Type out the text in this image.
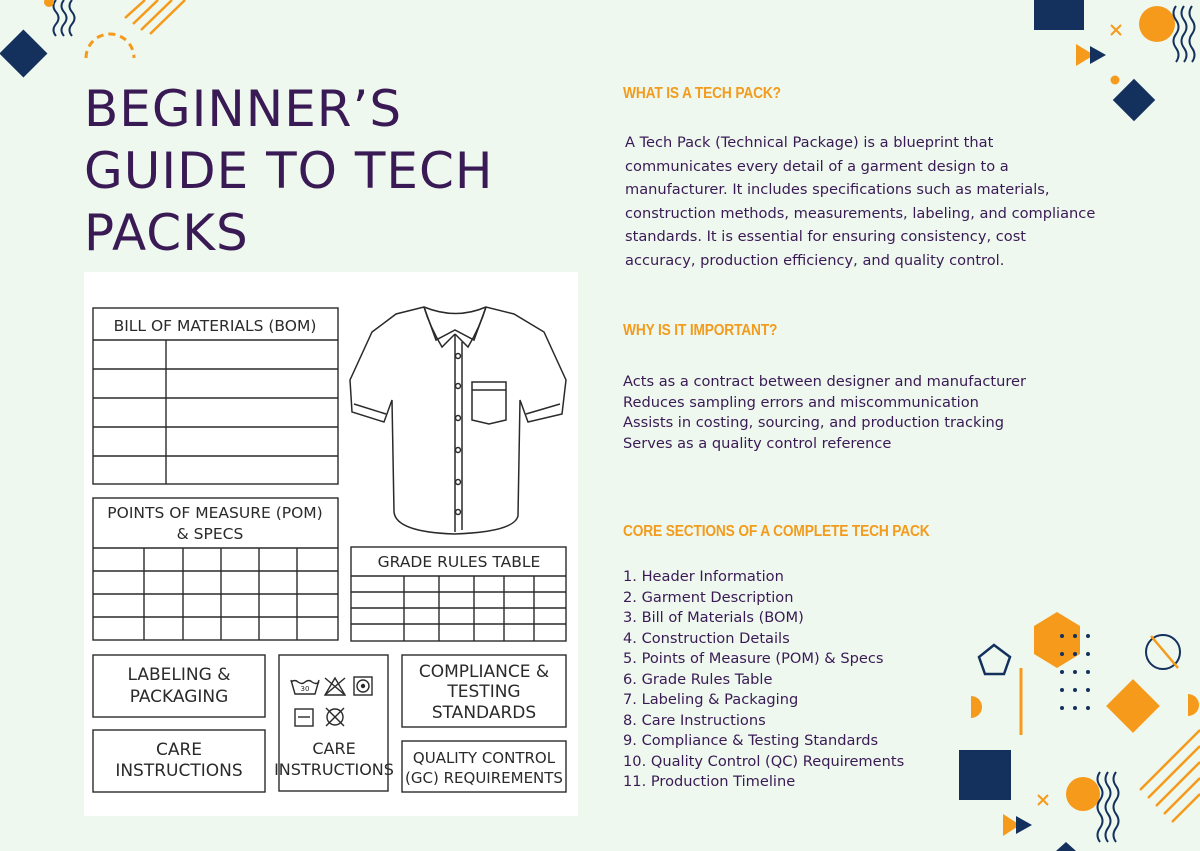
BEGINNER’S
GUIDE TO TECH
PACKS
BILL OF MATERIALS (BOM)
POINTS OF MEASURE (POM)
& SPECS
GRADE RULES TABLE
LABELING &
PACKAGING
CARE
INSTRUCTIONS
30
CARE
INSTRUCTIONS
COMPLIANCE &
TESTING
STANDARDS
QUALITY CONTROL
(GC) REQUIREMENTS
WHAT IS A TECH PACK?
A Tech Pack (Technical Package) is a blueprint that
communicates every detail of a garment design to a
manufacturer. It includes specifications such as materials,
construction methods, measurements, labeling, and compliance
standards. It is essential for ensuring consistency, cost
accuracy, production efficiency, and quality control.
WHY IS IT IMPORTANT?
Acts as a contract between designer and manufacturer
Reduces sampling errors and miscommunication
Assists in costing, sourcing, and production tracking
Serves as a quality control reference
CORE SECTIONS OF A COMPLETE TECH PACK
1. Header Information
2. Garment Description
3. Bill of Materials (BOM)
4. Construction Details
5. Points of Measure (POM) & Specs
6. Grade Rules Table
7. Labeling & Packaging
8. Care Instructions
9. Compliance & Testing Standards
10. Quality Control (QC) Requirements
11. Production Timeline
